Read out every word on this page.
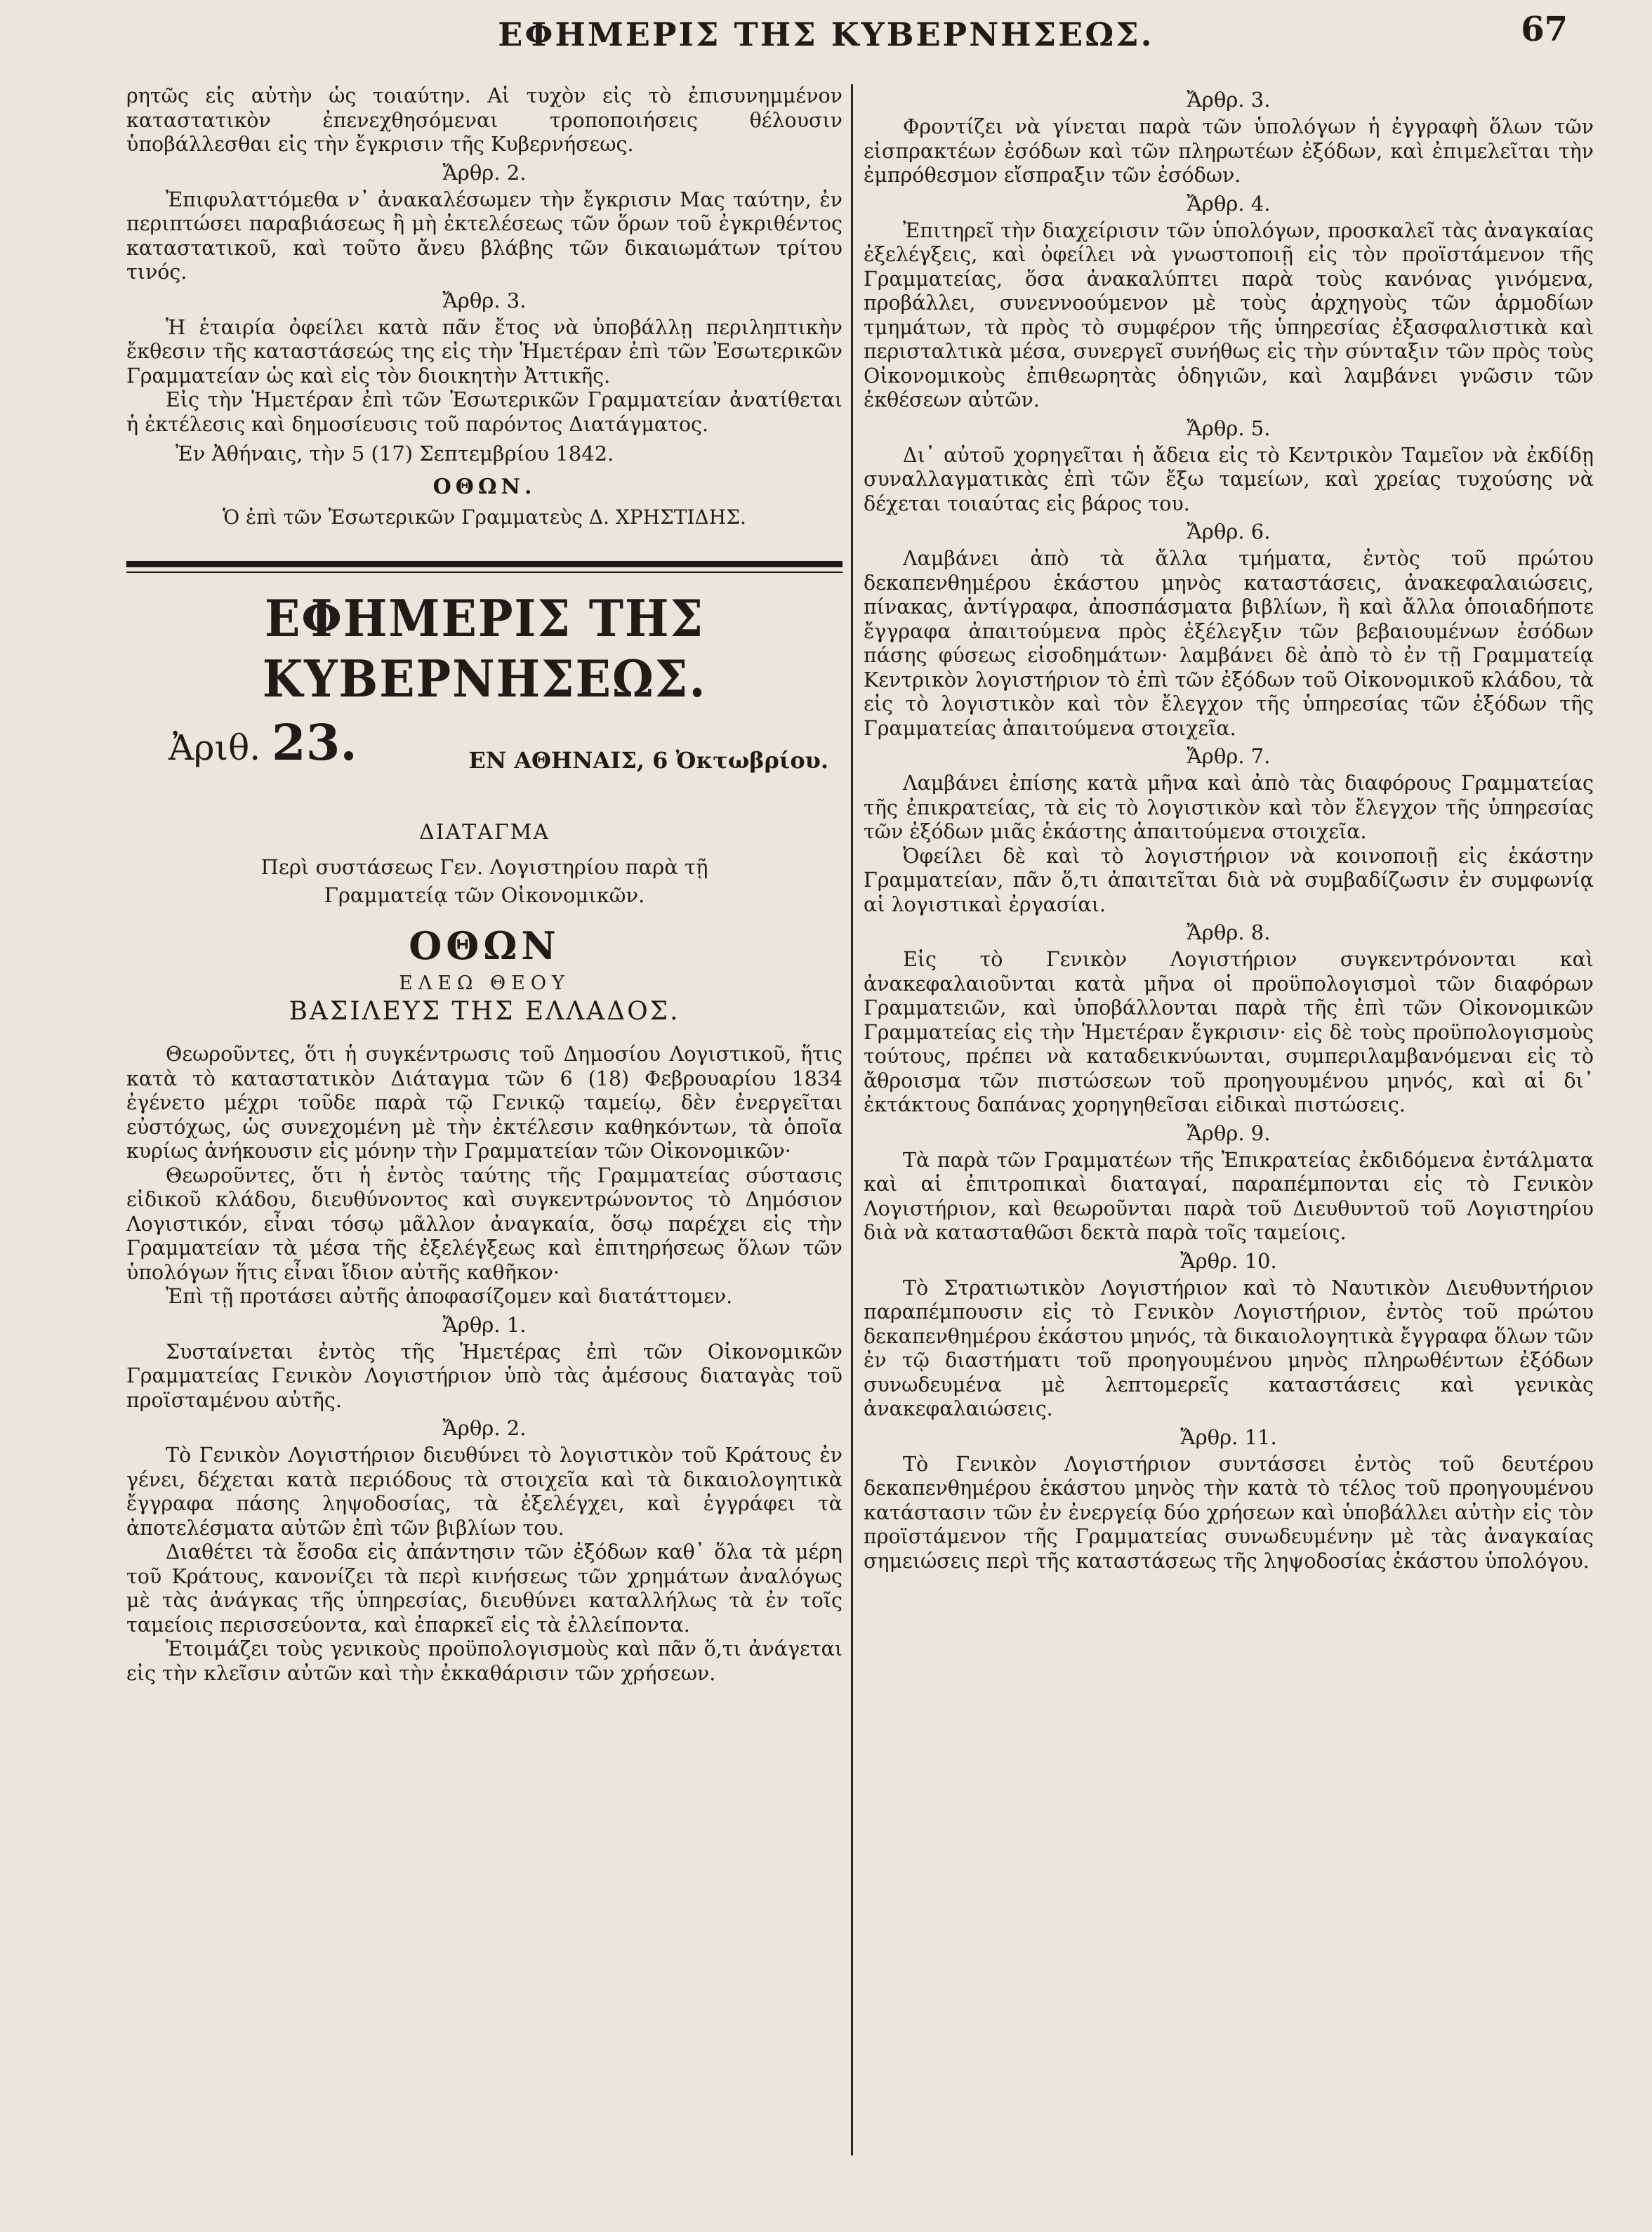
ΕΦΗΜΕΡΙΣ ΤΗΣ ΚΥΒΕΡΝΗΣΕΩΣ.	67

ρητῶς εἰς αὐτὴν ὡς τοιαύτην. Αἱ τυχὸν εἰς τὸ ἐπισυνημμένον καταστατικὸν ἐπενεχθησόμεναι τροποποιήσεις θέλουσιν ὑποβάλλεσθαι εἰς τὴν ἔγκρισιν τῆς Κυβερνήσεως.

Ἄρθρ. 2.

Ἐπιφυλαττόμεθα ν᾽ ἀνακαλέσωμεν τὴν ἔγκρισιν Μας ταύτην, ἐν περιπτώσει παραβιάσεως ἢ μὴ ἐκτελέσεως τῶν ὅρων τοῦ ἐγκριθέντος καταστατικοῦ, καὶ τοῦτο ἄνευ βλάβης τῶν δικαιωμάτων τρίτου τινός.

Ἄρθρ. 3.

Ἡ ἑταιρία ὀφείλει κατὰ πᾶν ἔτος νὰ ὑποβάλλῃ περιληπτικὴν ἔκθεσιν τῆς καταστάσεώς της εἰς τὴν Ἡμετέραν ἐπὶ τῶν Ἐσωτερικῶν Γραμματείαν ὡς καὶ εἰς τὸν διοικητὴν Ἀττικῆς.

Εἰς τὴν Ἡμετέραν ἐπὶ τῶν Ἐσωτερικῶν Γραμματείαν ἀνατίθεται ἡ ἐκτέλεσις καὶ δημοσίευσις τοῦ παρόντος Διατάγματος.

Ἐν Ἀθήναις, τὴν 5 (17) Σεπτεμβρίου 1842.
ΟΘΩΝ.
Ὁ ἐπὶ τῶν Ἐσωτερικῶν Γραμματεὺς Δ. ΧΡΗΣΤΙΔΗΣ.
ΕΦΗΜΕΡΙΣ ΤΗΣ ΚΥΒΕΡΝΗΣΕΩΣ.
Ἀριθ. 23.	ΕΝ ΑΘΗΝΑΙΣ, 6 Ὀκτωβρίου.
ΔΙΑΤΑΓΜΑ
Περὶ συστάσεως Γεν. Λογιστηρίου παρὰ τῇ
Γραμματείᾳ τῶν Οἰκονομικῶν.
ΟΘΩΝ
ΕΛΕΩ ΘΕΟΥ
ΒΑΣΙΛΕΥΣ ΤΗΣ ΕΛΛΑΔΟΣ.

Θεωροῦντες, ὅτι ἡ συγκέντρωσις τοῦ Δημοσίου Λογιστικοῦ, ἥτις κατὰ τὸ καταστατικὸν Διάταγμα τῶν 6 (18) Φεβρουαρίου 1834 ἐγένετο μέχρι τοῦδε παρὰ τῷ Γενικῷ ταμείῳ, δὲν ἐνεργεῖται εὐστόχως, ὡς συνεχομένη μὲ τὴν ἐκτέλεσιν καθηκόντων, τὰ ὁποῖα κυρίως ἀνήκουσιν εἰς μόνην τὴν Γραμματείαν τῶν Οἰκονομικῶν·

Θεωροῦντες, ὅτι ἡ ἐντὸς ταύτης τῆς Γραμματείας σύστασις εἰδικοῦ κλάδου, διευθύνοντος καὶ συγκεντρώνοντος τὸ Δημόσιον Λογιστικόν, εἶναι τόσῳ μᾶλλον ἀναγκαία, ὅσῳ παρέχει εἰς τὴν Γραμματείαν τὰ μέσα τῆς ἐξελέγξεως καὶ ἐπιτηρήσεως ὅλων τῶν ὑπολόγων ἥτις εἶναι ἴδιον αὐτῆς καθῆκον·

Ἐπὶ τῇ προτάσει αὐτῆς ἀποφασίζομεν καὶ διατάττομεν.

Ἄρθρ. 1.

Συσταίνεται ἐντὸς τῆς Ἡμετέρας ἐπὶ τῶν Οἰκονομικῶν Γραμματείας Γενικὸν Λογιστήριον ὑπὸ τὰς ἀμέσους διαταγὰς τοῦ προϊσταμένου αὐτῆς.

Ἄρθρ. 2.

Τὸ Γενικὸν Λογιστήριον διευθύνει τὸ λογιστικὸν τοῦ Κράτους ἐν γένει, δέχεται κατὰ περιόδους τὰ στοιχεῖα καὶ τὰ δικαιολογητικὰ ἔγγραφα πάσης ληψοδοσίας, τὰ ἐξελέγχει, καὶ ἐγγράφει τὰ ἀποτελέσματα αὐτῶν ἐπὶ τῶν βιβλίων του.

Διαθέτει τὰ ἔσοδα εἰς ἀπάντησιν τῶν ἐξόδων καθ᾽ ὅλα τὰ μέρη τοῦ Κράτους, κανονίζει τὰ περὶ κινήσεως τῶν χρημάτων ἀναλόγως μὲ τὰς ἀνάγκας τῆς ὑπηρεσίας, διευθύνει καταλλήλως τὰ ἐν τοῖς ταμείοις περισσεύοντα, καὶ ἐπαρκεῖ εἰς τὰ ἐλλείποντα.

Ἑτοιμάζει τοὺς γενικοὺς προϋπολογισμοὺς καὶ πᾶν ὅ,τι ἀνάγεται εἰς τὴν κλεῖσιν αὐτῶν καὶ τὴν ἐκκαθάρισιν τῶν χρήσεων.

Ἄρθρ. 3.

Φροντίζει νὰ γίνεται παρὰ τῶν ὑπολόγων ἡ ἐγγραφὴ ὅλων τῶν εἰσπρακτέων ἐσόδων καὶ τῶν πληρωτέων ἐξόδων, καὶ ἐπιμελεῖται τὴν ἐμπρόθεσμον εἴσπραξιν τῶν ἐσόδων.

Ἄρθρ. 4.

Ἐπιτηρεῖ τὴν διαχείρισιν τῶν ὑπολόγων, προσκαλεῖ τὰς ἀναγκαίας ἐξελέγξεις, καὶ ὀφείλει νὰ γνωστοποιῇ εἰς τὸν προϊστάμενον τῆς Γραμματείας, ὅσα ἀνακαλύπτει παρὰ τοὺς κανόνας γινόμενα, προβάλλει, συνεννοούμενον μὲ τοὺς ἀρχηγοὺς τῶν ἁρμοδίων τμημάτων, τὰ πρὸς τὸ συμφέρον τῆς ὑπηρεσίας ἐξασφαλιστικὰ καὶ περισταλτικὰ μέσα, συνεργεῖ συνήθως εἰς τὴν σύνταξιν τῶν πρὸς τοὺς Οἰκονομικοὺς ἐπιθεωρητὰς ὁδηγιῶν, καὶ λαμβάνει γνῶσιν τῶν ἐκθέσεων αὐτῶν.

Ἄρθρ. 5.

Δι᾽ αὐτοῦ χορηγεῖται ἡ ἄδεια εἰς τὸ Κεντρικὸν Ταμεῖον νὰ ἐκδίδῃ συναλλαγματικὰς ἐπὶ τῶν ἔξω ταμείων, καὶ χρείας τυχούσης νὰ δέχεται τοιαύτας εἰς βάρος του.

Ἄρθρ. 6.

Λαμβάνει ἀπὸ τὰ ἄλλα τμήματα, ἐντὸς τοῦ πρώτου δεκαπενθημέρου ἑκάστου μηνὸς καταστάσεις, ἀνακεφαλαιώσεις, πίνακας, ἀντίγραφα, ἀποσπάσματα βιβλίων, ἢ καὶ ἄλλα ὁποιαδήποτε ἔγγραφα ἀπαιτούμενα πρὸς ἐξέλεγξιν τῶν βεβαιουμένων ἐσόδων πάσης φύσεως εἰσοδημάτων· λαμβάνει δὲ ἀπὸ τὸ ἐν τῇ Γραμματείᾳ Κεντρικὸν λογιστήριον τὸ ἐπὶ τῶν ἐξόδων τοῦ Οἰκονομικοῦ κλάδου, τὰ εἰς τὸ λογιστικὸν καὶ τὸν ἔλεγχον τῆς ὑπηρεσίας τῶν ἐξόδων τῆς Γραμματείας ἀπαιτούμενα στοιχεῖα.

Ἄρθρ. 7.

Λαμβάνει ἐπίσης κατὰ μῆνα καὶ ἀπὸ τὰς διαφόρους Γραμματείας τῆς ἐπικρατείας, τὰ εἰς τὸ λογιστικὸν καὶ τὸν ἔλεγχον τῆς ὑπηρεσίας τῶν ἐξόδων μιᾶς ἑκάστης ἀπαιτούμενα στοιχεῖα.

Ὀφείλει δὲ καὶ τὸ λογιστήριον νὰ κοινοποιῇ εἰς ἑκάστην Γραμματείαν, πᾶν ὅ,τι ἀπαιτεῖται διὰ νὰ συμβαδίζωσιν ἐν συμφωνίᾳ αἱ λογιστικαὶ ἐργασίαι.

Ἄρθρ. 8.

Εἰς τὸ Γενικὸν Λογιστήριον συγκεντρόνονται καὶ ἀνακεφαλαιοῦνται κατὰ μῆνα οἱ προϋπολογισμοὶ τῶν διαφόρων Γραμματειῶν, καὶ ὑποβάλλονται παρὰ τῆς ἐπὶ τῶν Οἰκονομικῶν Γραμματείας εἰς τὴν Ἡμετέραν ἔγκρισιν· εἰς δὲ τοὺς προϋπολογισμοὺς τούτους, πρέπει νὰ καταδεικνύωνται, συμπεριλαμβανόμεναι εἰς τὸ ἄθροισμα τῶν πιστώσεων τοῦ προηγουμένου μηνός, καὶ αἱ δι᾽ ἐκτάκτους δαπάνας χορηγηθεῖσαι εἰδικαὶ πιστώσεις.

Ἄρθρ. 9.

Τὰ παρὰ τῶν Γραμματέων τῆς Ἐπικρατείας ἐκδιδόμενα ἐντάλματα καὶ αἱ ἐπιτροπικαὶ διαταγαί, παραπέμπονται εἰς τὸ Γενικὸν Λογιστήριον, καὶ θεωροῦνται παρὰ τοῦ Διευθυντοῦ τοῦ Λογιστηρίου διὰ νὰ κατασταθῶσι δεκτὰ παρὰ τοῖς ταμείοις.

Ἄρθρ. 10.

Τὸ Στρατιωτικὸν Λογιστήριον καὶ τὸ Ναυτικὸν Διευθυντήριον παραπέμπουσιν εἰς τὸ Γενικὸν Λογιστήριον, ἐντὸς τοῦ πρώτου δεκαπενθημέρου ἑκάστου μηνός, τὰ δικαιολογητικὰ ἔγγραφα ὅλων τῶν ἐν τῷ διαστήματι τοῦ προηγουμένου μηνὸς πληρωθέντων ἐξόδων συνωδευμένα μὲ λεπτομερεῖς καταστάσεις καὶ γενικὰς ἀνακεφαλαιώσεις.

Ἄρθρ. 11.

Τὸ Γενικὸν Λογιστήριον συντάσσει ἐντὸς τοῦ δευτέρου δεκαπενθημέρου ἑκάστου μηνὸς τὴν κατὰ τὸ τέλος τοῦ προηγουμένου κατάστασιν τῶν ἐν ἐνεργείᾳ δύο χρήσεων καὶ ὑποβάλλει αὐτὴν εἰς τὸν προϊστάμενον τῆς Γραμματείας συνωδευμένην μὲ τὰς ἀναγκαίας σημειώσεις περὶ τῆς καταστάσεως τῆς ληψοδοσίας ἑκάστου ὑπολόγου.
